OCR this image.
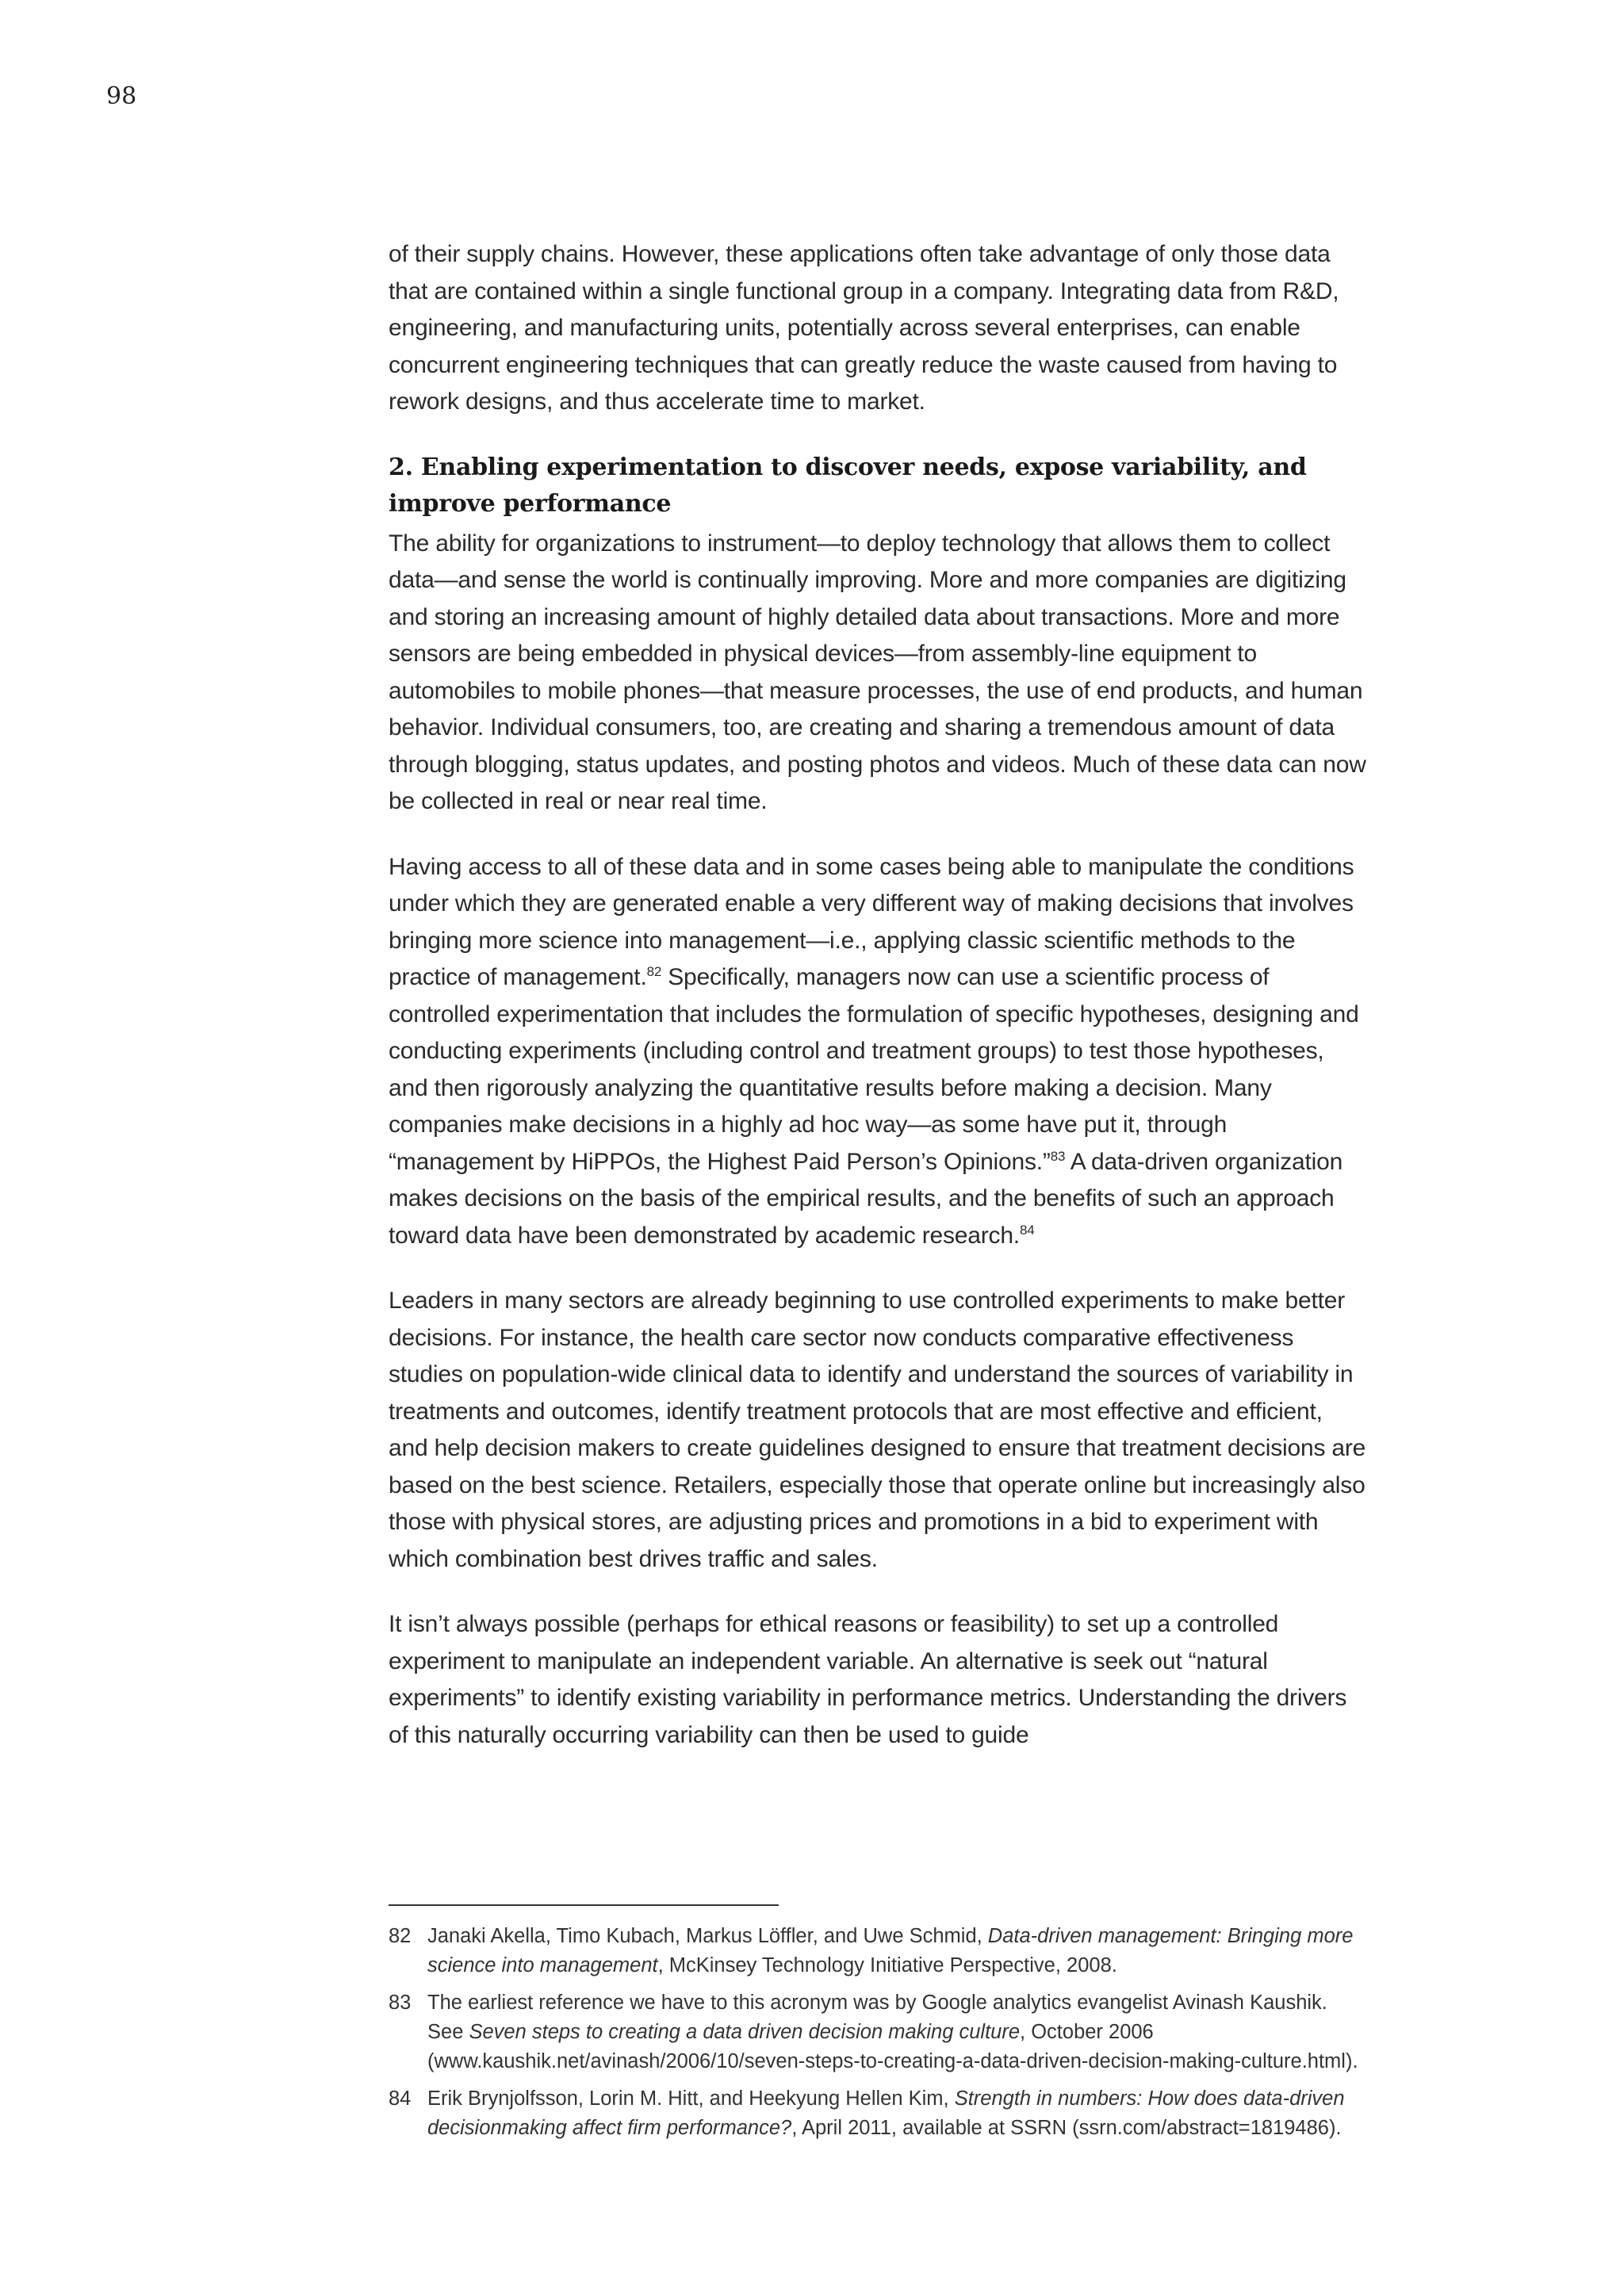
98

of their supply chains. However, these applications often take advantage of only those data that are contained within a single functional group in a company. Integrating data from R&D, engineering, and manufacturing units, potentially across several enterprises, can enable concurrent engineering techniques that can greatly reduce the waste caused from having to rework designs, and thus accelerate time to market.

2. Enabling experimentation to discover needs, expose variability, and improve performance

The ability for organizations to instrument—to deploy technology that allows them to collect data—and sense the world is continually improving. More and more companies are digitizing and storing an increasing amount of highly detailed data about transactions. More and more sensors are being embedded in physical devices—from assembly-line equipment to automobiles to mobile phones—that measure processes, the use of end products, and human behavior. Individual consumers, too, are creating and sharing a tremendous amount of data through blogging, status updates, and posting photos and videos. Much of these data can now be collected in real or near real time.

Having access to all of these data and in some cases being able to manipulate the conditions under which they are generated enable a very different way of making decisions that involves bringing more science into management—i.e., applying classic scientific methods to the practice of management.$^{82}$ Specifically, managers now can use a scientific process of controlled experimentation that includes the formulation of specific hypotheses, designing and conducting experiments (including control and treatment groups) to test those hypotheses, and then rigorously analyzing the quantitative results before making a decision. Many companies make decisions in a highly ad hoc way—as some have put it, through “management by HiPPOs, the Highest Paid Person’s Opinions.”$^{83}$ A data-driven organization makes decisions on the basis of the empirical results, and the benefits of such an approach toward data have been demonstrated by academic research.$^{84}$

Leaders in many sectors are already beginning to use controlled experiments to make better decisions. For instance, the health care sector now conducts comparative effectiveness studies on population-wide clinical data to identify and understand the sources of variability in treatments and outcomes, identify treatment protocols that are most effective and efficient, and help decision makers to create guidelines designed to ensure that treatment decisions are based on the best science. Retailers, especially those that operate online but increasingly also those with physical stores, are adjusting prices and promotions in a bid to experiment with which combination best drives traffic and sales.

It isn’t always possible (perhaps for ethical reasons or feasibility) to set up a controlled experiment to manipulate an independent variable. An alternative is seek out “natural experiments” to identify existing variability in performance metrics. Understanding the drivers of this naturally occurring variability can then be used to guide

82 Janaki Akella, Timo Kubach, Markus Löffler, and Uwe Schmid, Data-driven management: Bringing more science into management, McKinsey Technology Initiative Perspective, 2008.
83 The earliest reference we have to this acronym was by Google analytics evangelist Avinash Kaushik. See Seven steps to creating a data driven decision making culture, October 2006 (www.kaushik.net/avinash/2006/10/seven-steps-to-creating-a-data-driven-decision-making-culture.html).
84 Erik Brynjolfsson, Lorin M. Hitt, and Heekyung Hellen Kim, Strength in numbers: How does data-driven decisionmaking affect firm performance?, April 2011, available at SSRN (ssrn.com/abstract=1819486).
